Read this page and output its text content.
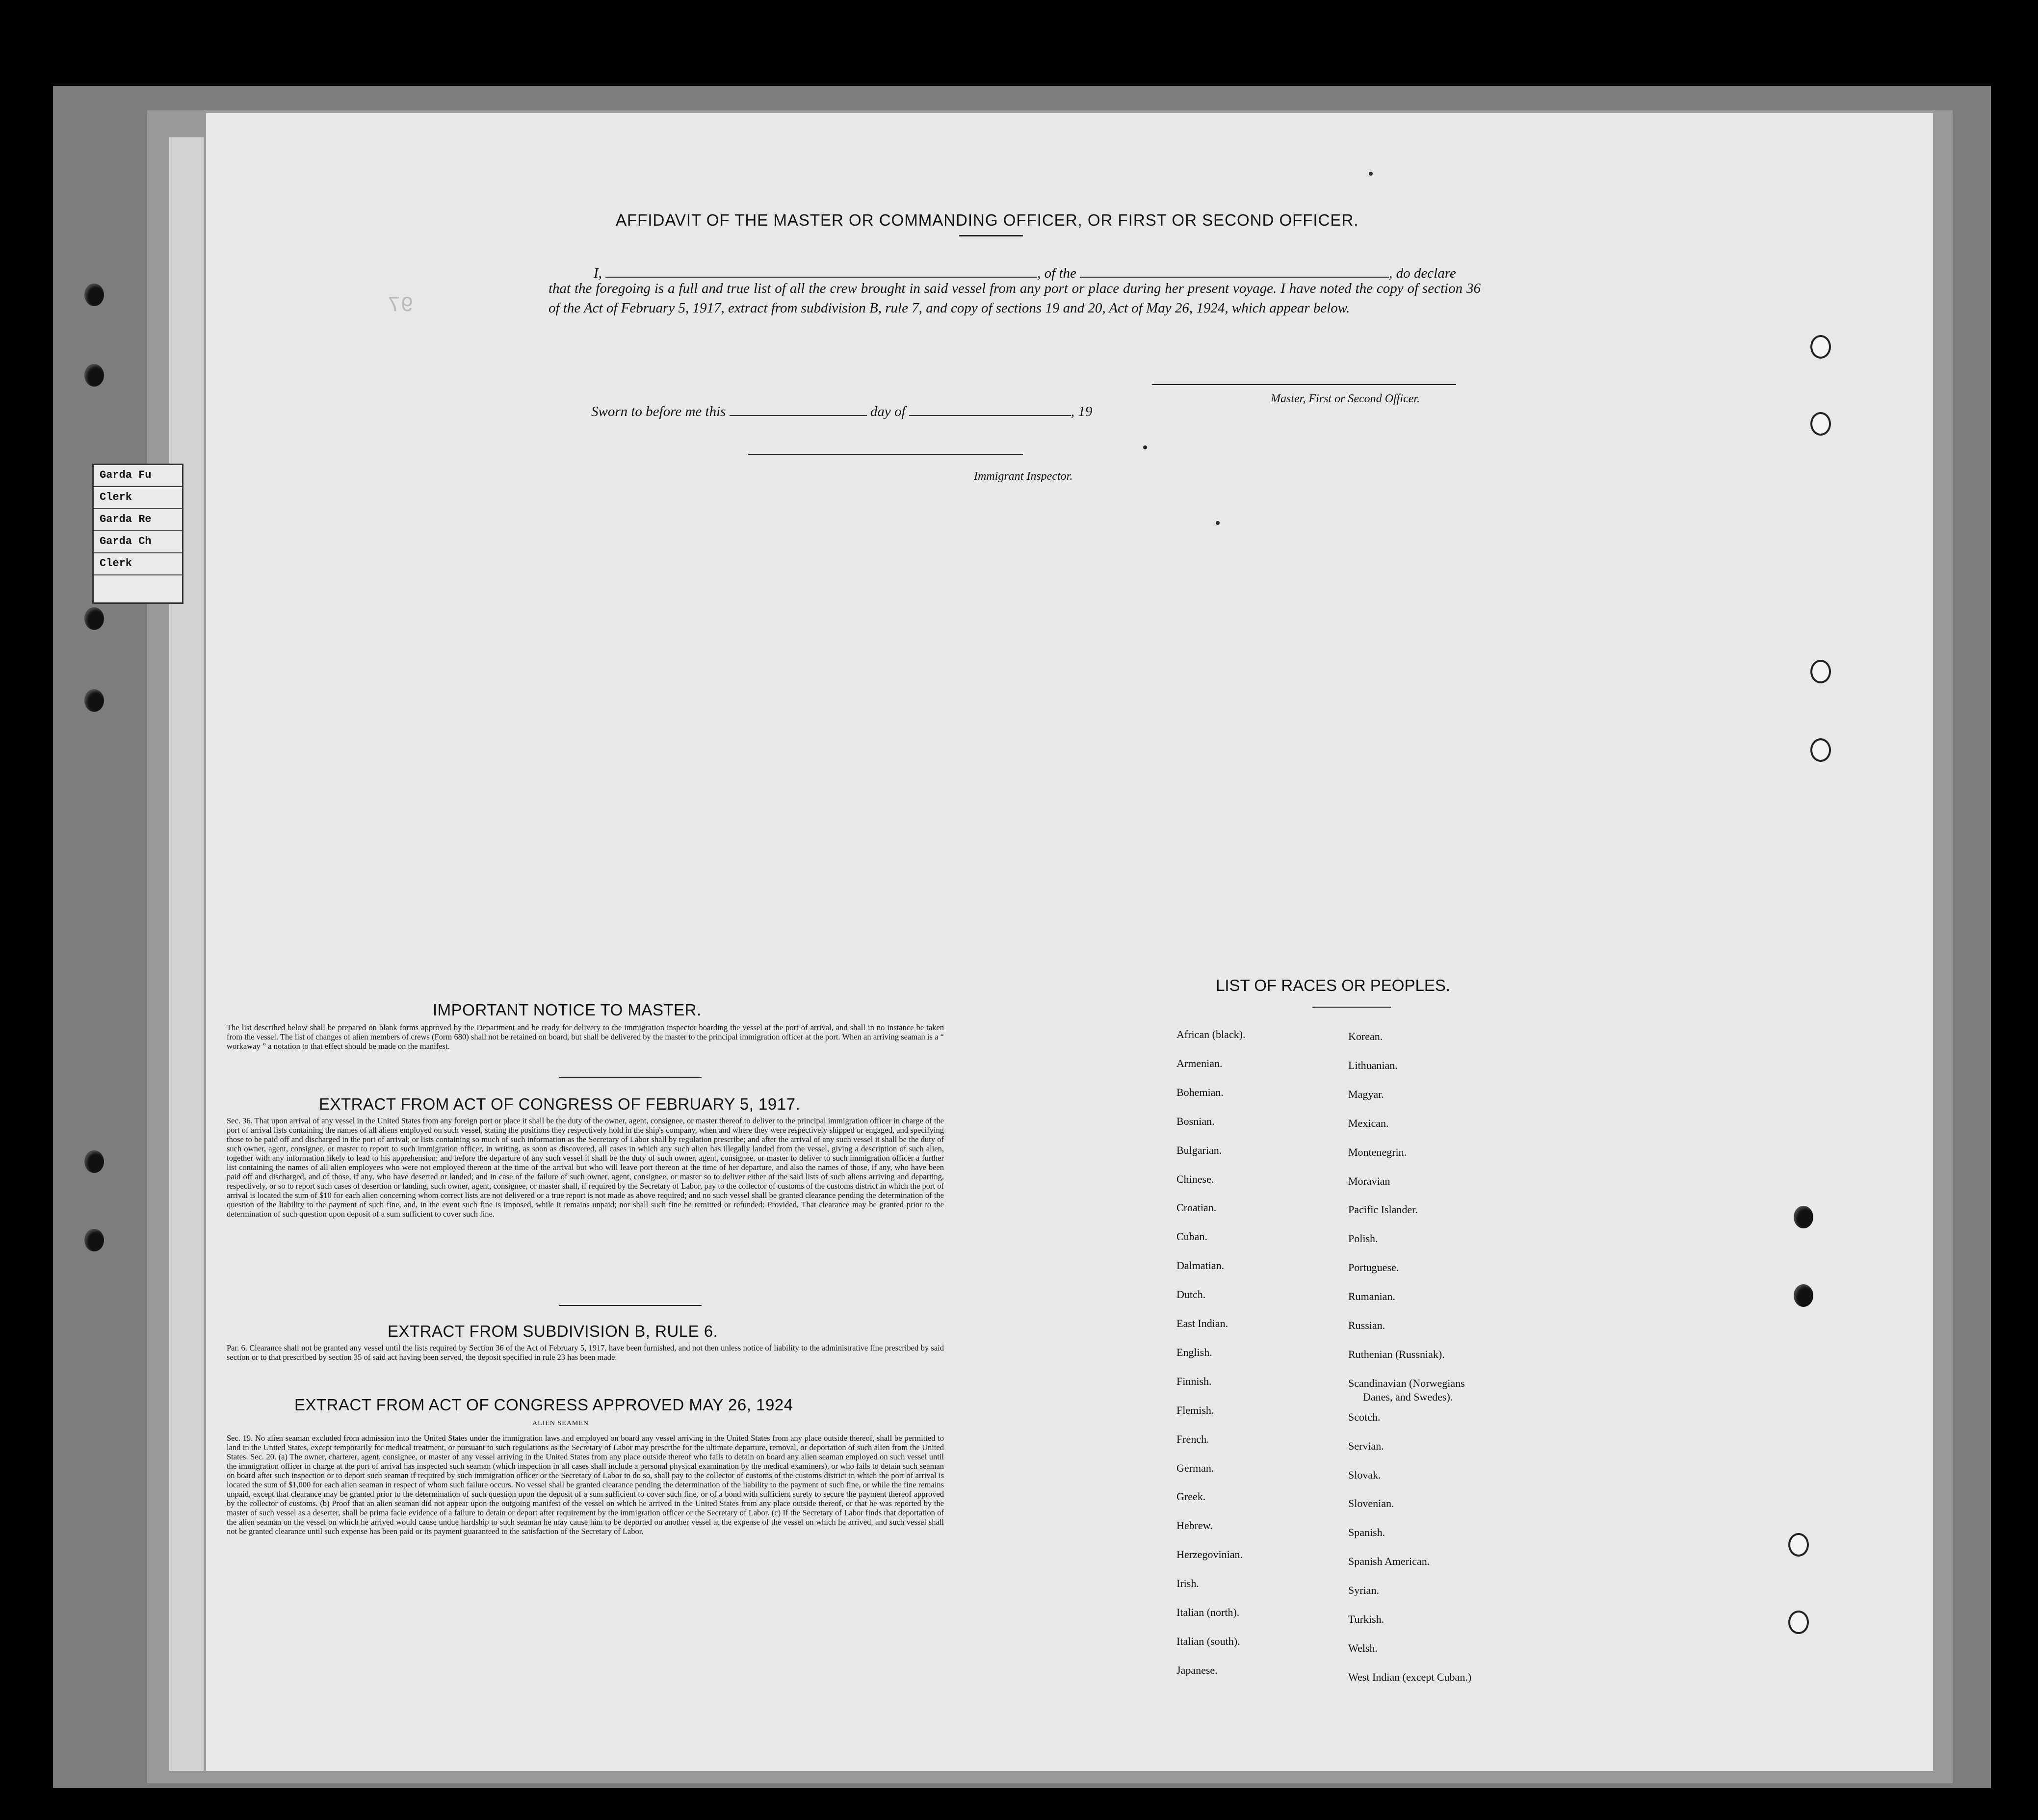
Garda Fu
Clerk
Garda Re
Garda Ch
Clerk
97
AFFIDAVIT OF THE MASTER OR COMMANDING OFFICER, OR FIRST OR SECOND OFFICER.
I,	, of the	, do declare
that the foregoing is a full and true list of all the crew brought in said vessel from any port or place during her present voyage. I have noted the copy of section 36 of the Act of February 5, 1917, extract from subdivision B, rule 7, and copy of sections 19 and 20, Act of May 26, 1924, which appear below.
Master, First or Second Officer.
Sworn to before me this	day of	, 19
Immigrant Inspector.
IMPORTANT NOTICE TO MASTER.
The list described below shall be prepared on blank forms approved by the Department and be ready for delivery to the immigration inspector boarding the vessel at the port of arrival, and shall in no instance be taken from the vessel. The list of changes of alien members of crews (Form 680) shall not be retained on board, but shall be delivered by the master to the principal immigration officer at the port. When an arriving seaman is a “ workaway ” a notation to that effect should be made on the manifest.
EXTRACT FROM ACT OF CONGRESS OF FEBRUARY 5, 1917.
Sec. 36. That upon arrival of any vessel in the United States from any foreign port or place it shall be the duty of the owner, agent, consignee, or master thereof to deliver to the principal immigration officer in charge of the port of arrival lists containing the names of all aliens employed on such vessel, stating the positions they respectively hold in the ship's company, when and where they were respectively shipped or engaged, and specifying those to be paid off and discharged in the port of arrival; or lists containing so much of such information as the Secretary of Labor shall by regulation prescribe; and after the arrival of any such vessel it shall be the duty of such owner, agent, consignee, or master to report to such immigration officer, in writing, as soon as discovered, all cases in which any such alien has illegally landed from the vessel, giving a description of such alien, together with any information likely to lead to his apprehension; and before the departure of any such vessel it shall be the duty of such owner, agent, consignee, or master to deliver to such immigration officer a further list containing the names of all alien employees who were not employed thereon at the time of the arrival but who will leave port thereon at the time of her departure, and also the names of those, if any, who have been paid off and discharged, and of those, if any, who have deserted or landed; and in case of the failure of such owner, agent, consignee, or master so to deliver either of the said lists of such aliens arriving and departing, respectively, or so to report such cases of desertion or landing, such owner, agent, consignee, or master shall, if required by the Secretary of Labor, pay to the collector of customs of the customs district in which the port of arrival is located the sum of $10 for each alien concerning whom correct lists are not delivered or a true report is not made as above required; and no such vessel shall be granted clearance pending the determination of the question of the liability to the payment of such fine, and, in the event such fine is imposed, while it remains unpaid; nor shall such fine be remitted or refunded: Provided, That clearance may be granted prior to the determination of such question upon deposit of a sum sufficient to cover such fine.
EXTRACT FROM SUBDIVISION B, RULE 6.
Par. 6. Clearance shall not be granted any vessel until the lists required by Section 36 of the Act of February 5, 1917, have been furnished, and not then unless notice of liability to the administrative fine prescribed by said section or to that prescribed by section 35 of said act having been served, the deposit specified in rule 23 has been made.
EXTRACT FROM ACT OF CONGRESS APPROVED MAY 26, 1924
ALIEN SEAMEN
Sec. 19. No alien seaman excluded from admission into the United States under the immigration laws and employed on board any vessel arriving in the United States from any place outside thereof, shall be permitted to land in the United States, except temporarily for medical treatment, or pursuant to such regulations as the Secretary of Labor may prescribe for the ultimate departure, removal, or deportation of such alien from the United States. Sec. 20. (a) The owner, charterer, agent, consignee, or master of any vessel arriving in the United States from any place outside thereof who fails to detain on board any alien seaman employed on such vessel until the immigration officer in charge at the port of arrival has inspected such seaman (which inspection in all cases shall include a personal physical examination by the medical examiners), or who fails to detain such seaman on board after such inspection or to deport such seaman if required by such immigration officer or the Secretary of Labor to do so, shall pay to the collector of customs of the customs district in which the port of arrival is located the sum of $1,000 for each alien seaman in respect of whom such failure occurs. No vessel shall be granted clearance pending the determination of the liability to the payment of such fine, or while the fine remains unpaid, except that clearance may be granted prior to the determination of such question upon the deposit of a sum sufficient to cover such fine, or of a bond with sufficient surety to secure the payment thereof approved by the collector of customs. (b) Proof that an alien seaman did not appear upon the outgoing manifest of the vessel on which he arrived in the United States from any place outside thereof, or that he was reported by the master of such vessel as a deserter, shall be prima facie evidence of a failure to detain or deport after requirement by the immigration officer or the Secretary of Labor. (c) If the Secretary of Labor finds that deportation of the alien seaman on the vessel on which he arrived would cause undue hardship to such seaman he may cause him to be deported on another vessel at the expense of the vessel on which he arrived, and such vessel shall not be granted clearance until such expense has been paid or its payment guaranteed to the satisfaction of the Secretary of Labor.
LIST OF RACES OR PEOPLES.
African (black).
Armenian.
Bohemian.
Bosnian.
Bulgarian.
Chinese.
Croatian.
Cuban.
Dalmatian.
Dutch.
East Indian.
English.
Finnish.
Flemish.
French.
German.
Greek.
Hebrew.
Herzegovinian.
Irish.
Italian (north).
Italian (south).
Japanese.
Korean.
Lithuanian.
Magyar.
Mexican.
Montenegrin.
Moravian
Pacific Islander.
Polish.
Portuguese.
Rumanian.
Russian.
Ruthenian (Russniak).
Scandinavian (Norwegians
Danes, and Swedes).
Scotch.
Servian.
Slovak.
Slovenian.
Spanish.
Spanish American.
Syrian.
Turkish.
Welsh.
West Indian (except Cuban.)
